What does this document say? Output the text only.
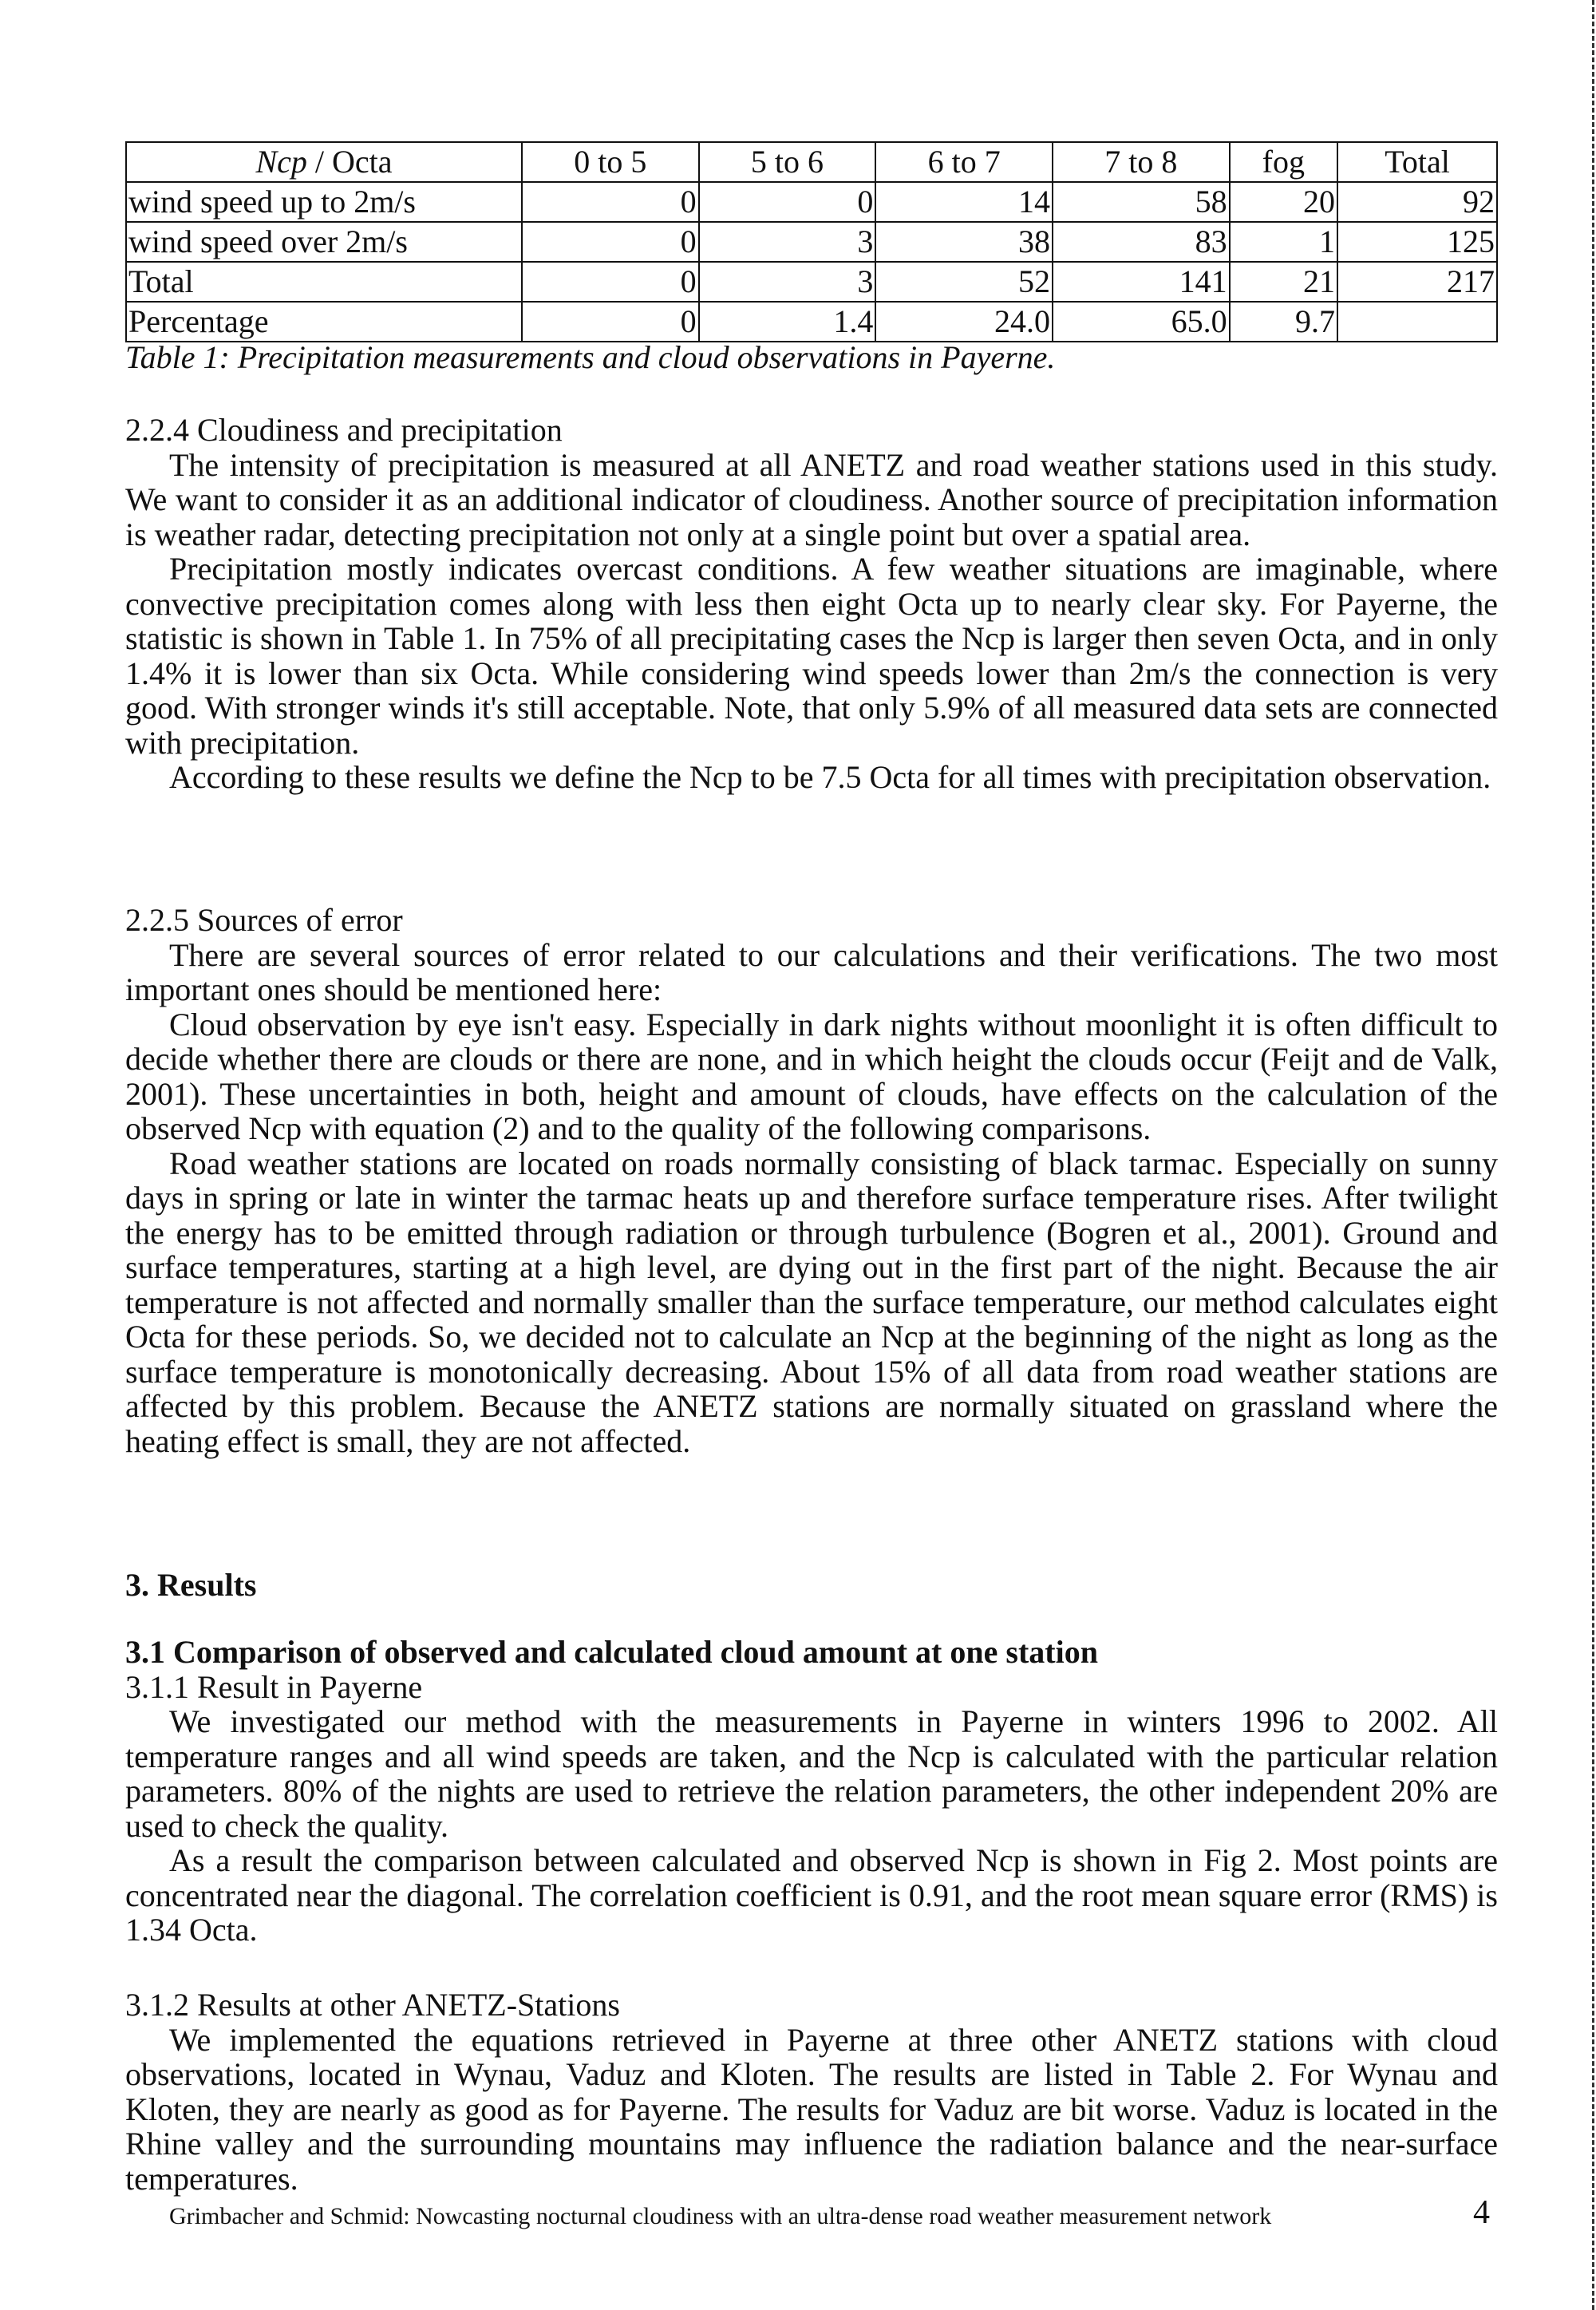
Ncp / Octa	0 to 5	5 to 6	6 to 7	7 to 8	fog	Total
wind speed up to 2m/s	0	0	14	58	20	92
wind speed over 2m/s	0	3	38	83	1	125
Total	0	3	52	141	21	217
Percentage	0	1.4	24.0	65.0	9.7	
Table 1: Precipitation measurements and cloud observations in Payerne.
2.2.4 Cloudiness and precipitation

The intensity of precipitation is measured at all ANETZ and road weather stations used in this study. We want to consider it as an additional indicator of cloudiness. Another source of precipitation information is weather radar, detecting precipitation not only at a single point but over a spatial area.

Precipitation mostly indicates overcast conditions. A few weather situations are imaginable, where convective precipitation comes along with less then eight Octa up to nearly clear sky. For Payerne, the statistic is shown in Table 1. In 75% of all precipitating cases the Ncp is larger then seven Octa, and in only 1.4% it is lower than six Octa. While considering wind speeds lower than 2m/s the connection is very good. With stronger winds it's still acceptable. Note, that only 5.9% of all measured data sets are connected with precipitation.

According to these results we define the Ncp to be 7.5 Octa for all times with precipitation observation.

2.2.5 Sources of error

There are several sources of error related to our calculations and their verifications. The two most important ones should be mentioned here:

Cloud observation by eye isn't easy. Especially in dark nights without moonlight it is often difficult to decide whether there are clouds or there are none, and in which height the clouds occur (Feijt and de Valk, 2001). These uncertainties in both, height and amount of clouds, have effects on the calculation of the observed Ncp with equation (2) and to the quality of the following comparisons.

Road weather stations are located on roads normally consisting of black tarmac. Especially on sunny days in spring or late in winter the tarmac heats up and therefore surface temperature rises. After twilight the energy has to be emitted through radiation or through turbulence (Bogren et al., 2001). Ground and surface temperatures, starting at a high level, are dying out in the first part of the night. Because the air temperature is not affected and normally smaller than the surface temperature, our method calculates eight Octa for these periods. So, we decided not to calculate an Ncp at the beginning of the night as long as the surface temperature is monotonically decreasing. About 15% of all data from road weather stations are affected by this problem. Because the ANETZ stations are normally situated on grassland where the heating effect is small, they are not affected.

3. Results
3.1 Comparison of observed and calculated cloud amount at one station
3.1.1 Result in Payerne

We investigated our method with the measurements in Payerne in winters 1996 to 2002. All temperature ranges and all wind speeds are taken, and the Ncp is calculated with the particular relation parameters. 80% of the nights are used to retrieve the relation parameters, the other independent 20% are used to check the quality.

As a result the comparison between calculated and observed Ncp is shown in Fig 2. Most points are concentrated near the diagonal. The correlation coefficient is 0.91, and the root mean square error (RMS) is 1.34 Octa.

3.1.2 Results at other ANETZ-Stations

We implemented the equations retrieved in Payerne at three other ANETZ stations with cloud observations, located in Wynau, Vaduz and Kloten. The results are listed in Table 2. For Wynau and Kloten, they are nearly as good as for Payerne. The results for Vaduz are bit worse. Vaduz is located in the Rhine valley and the surrounding mountains may influence the radiation balance and the near-surface temperatures.

Grimbacher and Schmid: Nowcasting nocturnal cloudiness with an ultra-dense road weather measurement network	4
